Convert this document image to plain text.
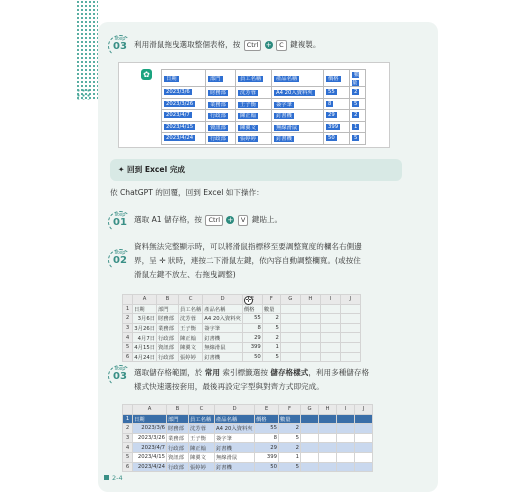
step
03 利用滑鼠拖曳選取整個表格，按 Ctrl + C 鍵複製。
✿	日期	部門	員工名稱	產品名稱	價格	數量
2023/3/6	財務部	沈芳蓉	A4 20入資料夾	55	2
2023/3/26	業務部	王子衡	簽字筆	8	5
2023/4/7	行政部	陳正翰	釘書機	29	2
2023/4/15	資訊部	陳翼文	無線滑鼠	399	1
2023/4/24	行政部	張婷婷	釘書機	50	5
✦ 回到 Excel 完成
依 ChatGPT 的回覆，回到 Excel 如下操作：
step
01 選取 A1 儲存格，按 Ctrl + V 鍵貼上。
step
02
資料無法完整顯示時，可以將滑鼠指標移至要調整寬度的欄名右側邊
界，呈 ✛ 狀時，連按二下滑鼠左鍵，依內容自動調整欄寬。(或按住
滑鼠左鍵不放左、右拖曳調整)
	A	B	C	D		F	G	H	I	J
1	日期	部門	員工名稱	產品名稱	價格	數量				
2	3月6日	財務部	沈芳蓉	A4 20入資料夾	55	2				
3	3月26日	業務部	王子衡	簽字筆	8	5				
4	4月7日	行政部	陳正翰	釘書機	29	2				
5	4月15日	資訊部	陳翼文	無線滑鼠	399	1				
6	4月24日	行政部	張婷婷	釘書機	50	5				
✛
step
03 選取儲存格範圍，於 常用 索引標籤選按 儲存格樣式，利用多種儲存格
樣式快速選按套用，最後再設定字型與對齊方式即完成。
	A	B	C	D	E	F	G	H	I	J
1	日期	部門	員工名稱	產品名稱	價格	數量				
2	2023/3/6	財務部	沈芳蓉	A4 20入資料夾	55	2				
3	2023/3/26	業務部	王子衡	簽字筆	8	5				
4	2023/4/7	行政部	陳正翰	釘書機	29	2				
5	2023/4/15	資訊部	陳翼文	無線滑鼠	399	1				
6	2023/4/24	行政部	張婷婷	釘書機	50	5				
2-4
